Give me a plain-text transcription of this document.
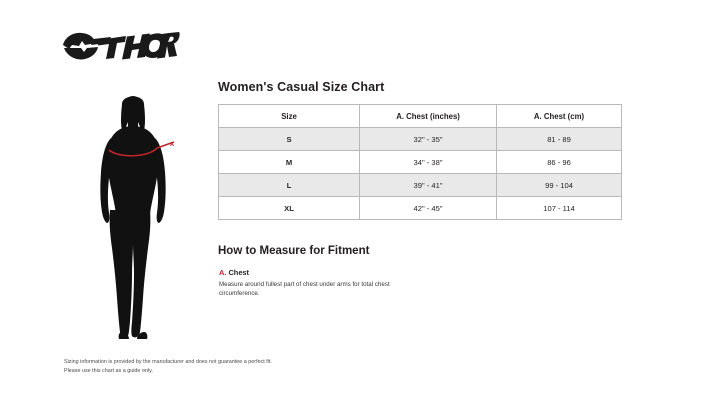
A
Women's Casual Size Chart
Size	A. Chest (inches)	A. Chest (cm)
S	32" - 35"	81 - 89
M	34" - 38"	86 - 96
L	39" - 41"	99 - 104
XL	42" - 45"	107 - 114
How to Measure for Fitment
A. Chest
Measure around fullest part of chest under arms for total chest circumference.
Sizing information is provided by the manufacturer and does not guarantee a perfect fit.
Please use this chart as a guide only.
